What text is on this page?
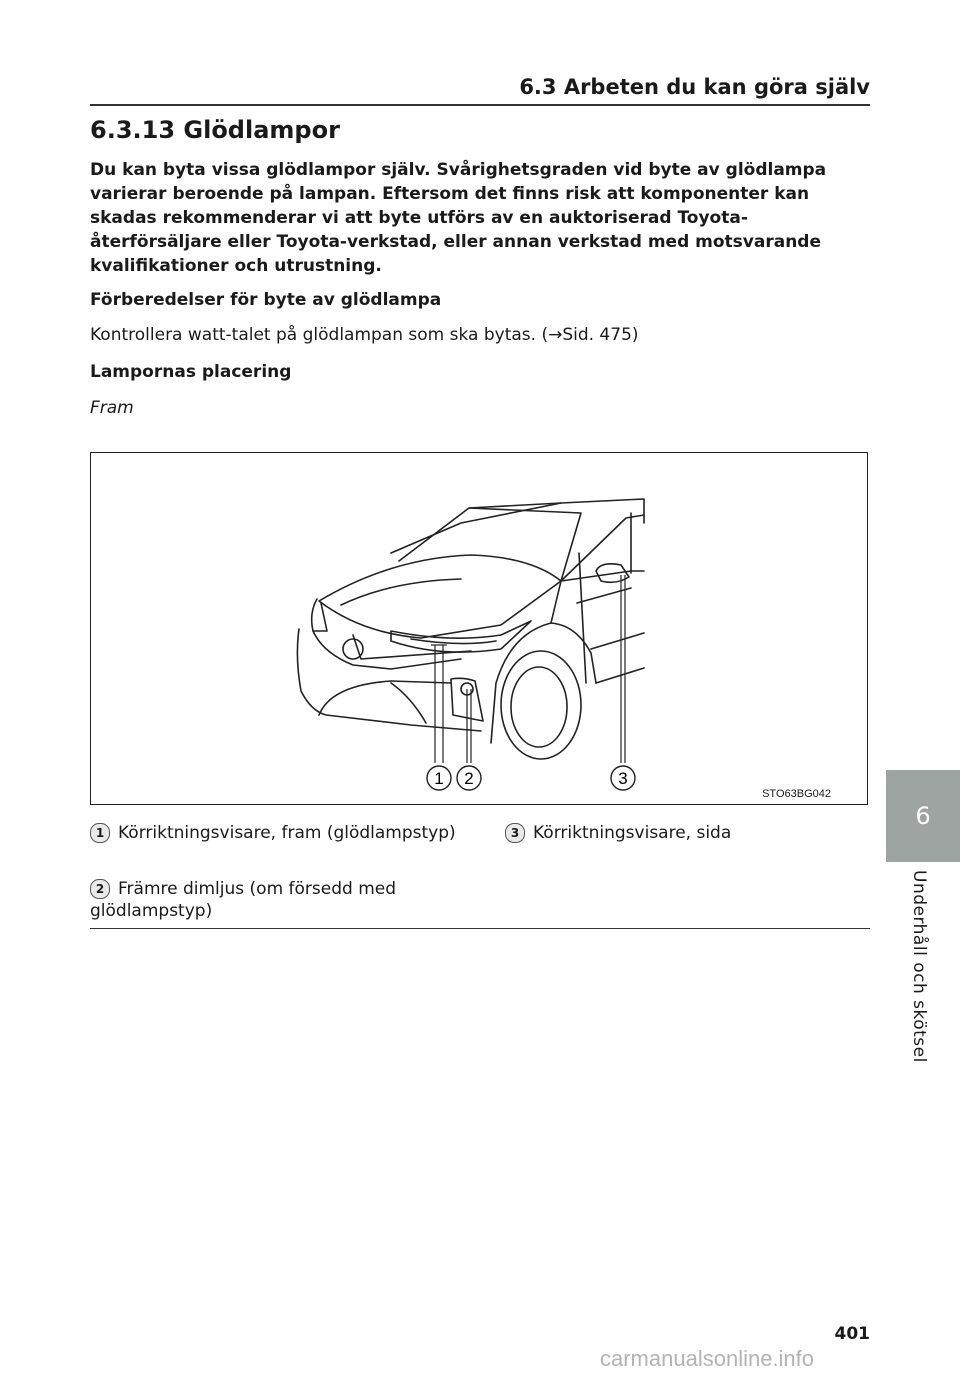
6.3 Arbeten du kan göra själv
6.3.13 Glödlampor
Du kan byta vissa glödlampor själv. Svårighetsgraden vid byte av glödlampa varierar beroende på lampan. Eftersom det finns risk att komponenter kan skadas rekommenderar vi att byte utförs av en auktoriserad Toyota-återförsäljare eller Toyota-verkstad, eller annan verkstad med motsvarande kvalifikationer och utrustning.
Förberedelser för byte av glödlampa
Kontrollera watt-talet på glödlampan som ska bytas. (→Sid. 475)
Lampornas placering
Fram
1 2	3
STO63BG042
1 Körriktningsvisare, fram (glödlampstyp)
2 Främre dimljus (om försedd med glödlampstyp)
3 Körriktningsvisare, sida
6
Underhåll och skötsel
401
carmanualsonline.info
